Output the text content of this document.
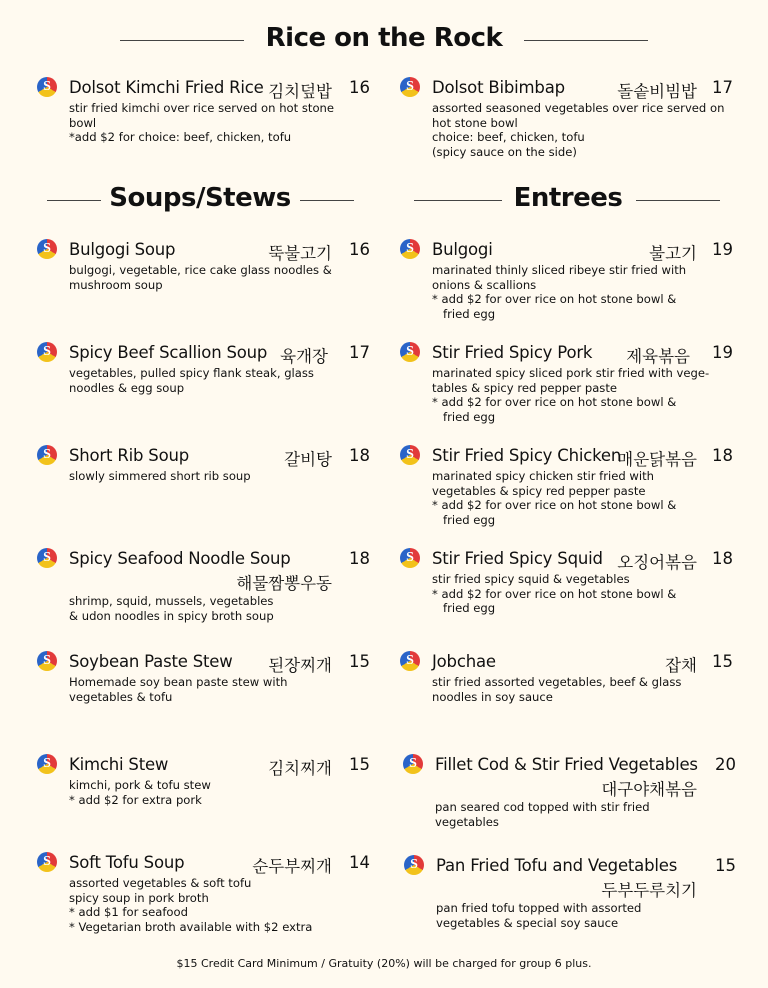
Rice on the Rock
Soups/Stews	Entrees
김치덮밥	16
S Dolsot Kimchi Fried Rice
stir fried kimchi over rice served on hot stone
bowl
*add $2 for choice: beef, chicken, tofu
돌솥비빔밥 17
S Dolsot Bibimbap
assorted seasoned vegetables over rice served on
hot stone bowl
choice: beef, chicken, tofu
(spicy sauce on the side)
뚝불고기	16
S Bulgogi Soup
bulgogi, vegetable, rice cake glass noodles &
mushroom soup
육개장	17
S Spicy Beef Scallion Soup
vegetables, pulled spicy flank steak, glass
noodles & egg soup
갈비탕	18
S Short Rib Soup
slowly simmered short rib soup
해물짬뽕우동
18
S Spicy Seafood Noodle Soup
shrimp, squid, mussels, vegetables
& udon noodles in spicy broth soup
된장찌개	15
S Soybean Paste Stew
Homemade soy bean paste stew with
vegetables & tofu
김치찌개	15
S Kimchi Stew
kimchi, pork & tofu stew
* add $2 for extra pork
순두부찌개	14
S Soft Tofu Soup
assorted vegetables & soft tofu
spicy soup in pork broth
* add $1 for seafood
* Vegetarian broth available with $2 extra
불고기 19
S Bulgogi
marinated thinly sliced ribeye stir fried with
onions & scallions
* add $2 for over rice on hot stone bowl &
fried egg
제육볶음	19
S Stir Fried Spicy Pork
marinated spicy sliced pork stir fried with vege-
tables & spicy red pepper paste
* add $2 for over rice on hot stone bowl &
fried egg
매운닭볶음 18
S Stir Fried Spicy Chicken
marinated spicy chicken stir fried with
vegetables & spicy red pepper paste
* add $2 for over rice on hot stone bowl &
fried egg
오징어볶음 18
S Stir Fried Spicy Squid
stir fried spicy squid & vegetables
* add $2 for over rice on hot stone bowl &
fried egg
잡채 15
S Jobchae
stir fried assorted vegetables, beef & glass
noodles in soy sauce
대구야채볶음
20
S Fillet Cod & Stir Fried Vegetables
pan seared cod topped with stir fried
vegetables
두부두루치기
15
S Pan Fried Tofu and Vegetables
pan fried tofu topped with assorted
vegetables & special soy sauce
$15 Credit Card Minimum / Gratuity (20%) will be charged for group 6 plus.
